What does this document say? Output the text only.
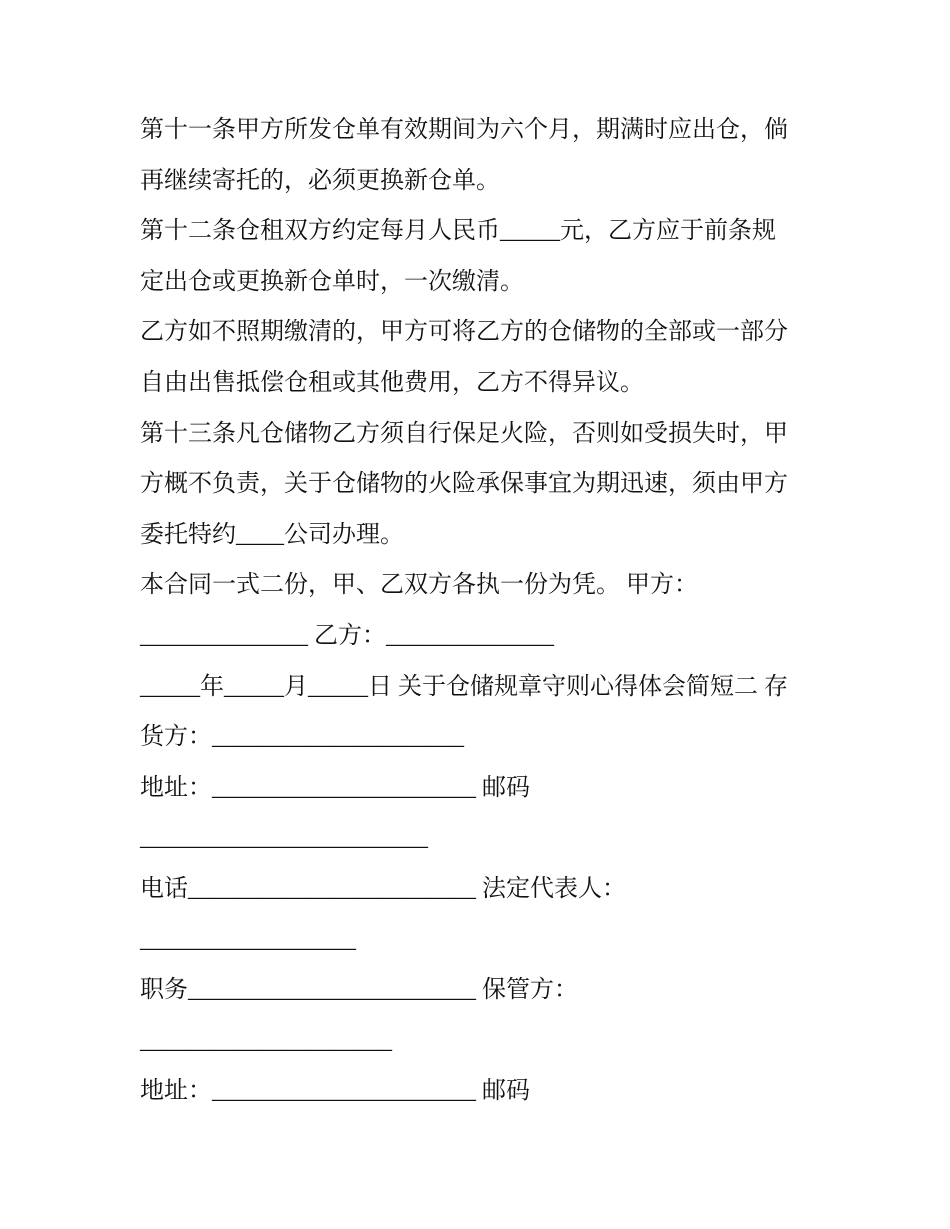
第十一条甲方所发仓单有效期间为六个月，期满时应出仓，倘
再继续寄托的，必须更换新仓单。
第十二条仓租双方约定每月人民币_____元，乙方应于前条规
定出仓或更换新仓单时，一次缴清。
乙方如不照期缴清的，甲方可将乙方的仓储物的全部或一部分
自由出售抵偿仓租或其他费用，乙方不得异议。
第十三条凡仓储物乙方须自行保足火险，否则如受损失时，甲
方概不负责，关于仓储物的火险承保事宜为期迅速，须由甲方
委托特约____公司办理。
本合同一式二份，甲、乙双方各执一份为凭。 甲方：
______________ 乙方：______________
_____年_____月_____日 关于仓储规章守则心得体会简短二 存
货方：_____________________
地址：______________________ 邮码
________________________
电话________________________ 法定代表人：
__________________
职务________________________ 保管方：
_____________________
地址：______________________ 邮码
